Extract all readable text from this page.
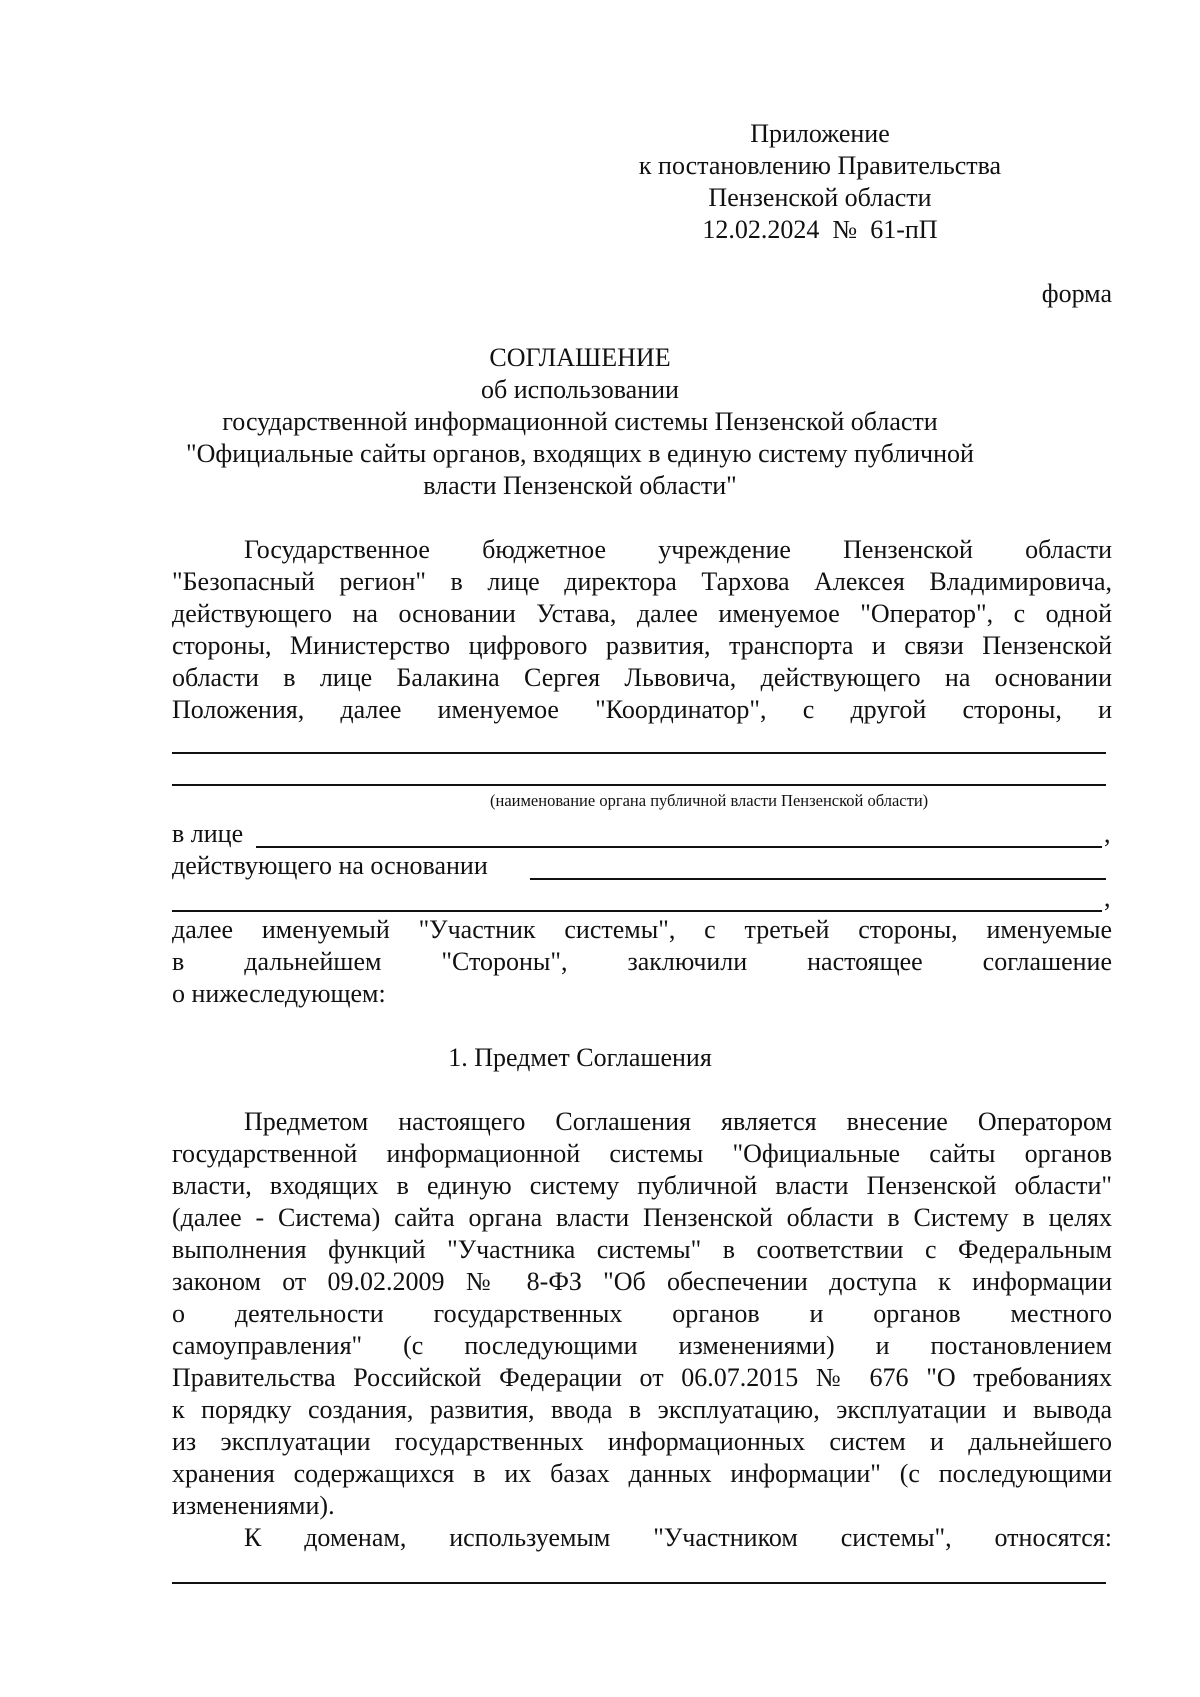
Приложение
к постановлению Правительства
Пензенской области
12.02.2024 № 61-пП
форма
СОГЛАШЕНИЕ
об использовании
государственной информационной системы Пензенской области
"Официальные сайты органов, входящих в единую систему публичной
власти Пензенской области"
Государственное бюджетное учреждение Пензенской области
"Безопасный регион" в лице директора Тархова Алексея Владимировича,
действующего на основании Устава, далее именуемое "Оператор", с одной
стороны, Министерство цифрового развития, транспорта и связи Пензенской
области в лице Балакина Сергея Львовича, действующего на основании
Положения, далее именуемое "Координатор", с другой стороны, и
(наименование органа публичной власти Пензенской области)
в лице	,
действующего на основании
,
далее именуемый "Участник системы", с третьей стороны, именуемые
в дальнейшем "Стороны", заключили настоящее соглашение
о нижеследующем:
1. Предмет Соглашения
Предметом настоящего Соглашения является внесение Оператором
государственной информационной системы "Официальные сайты органов
власти, входящих в единую систему публичной власти Пензенской области"
(далее - Система) сайта органа власти Пензенской области в Систему в целях
выполнения функций "Участника системы" в соответствии с Федеральным
законом от 09.02.2009 № 8-ФЗ "Об обеспечении доступа к информации
о деятельности государственных органов и органов местного
самоуправления" (с последующими изменениями) и постановлением
Правительства Российской Федерации от 06.07.2015 № 676 "О требованиях
к порядку создания, развития, ввода в эксплуатацию, эксплуатации и вывода
из эксплуатации государственных информационных систем и дальнейшего
хранения содержащихся в их базах данных информации" (с последующими
изменениями).
К доменам, используемым "Участником системы", относятся:
